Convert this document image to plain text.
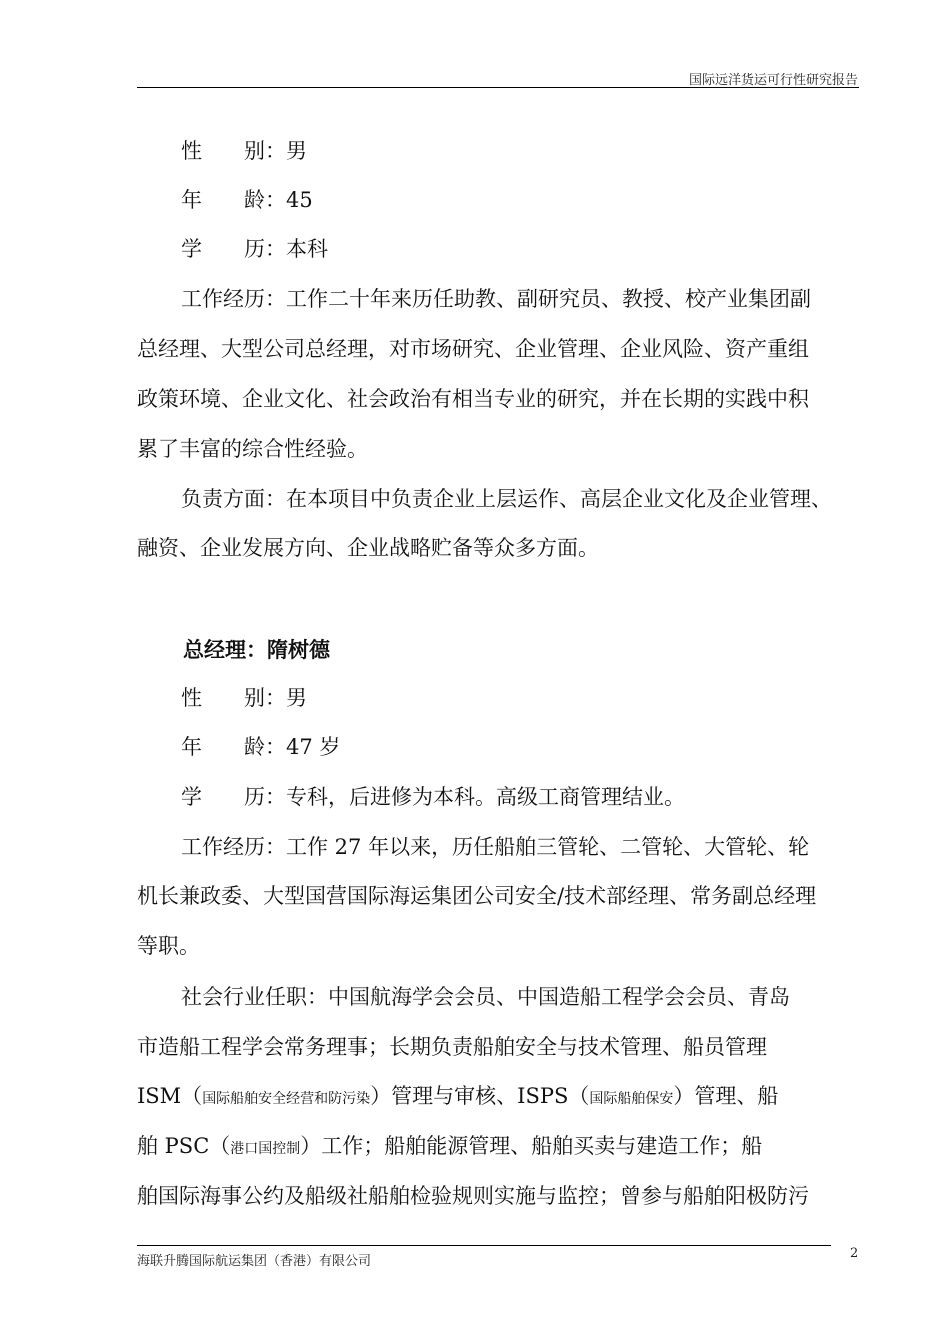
国际远洋货运可行性研究报告
性　　别：男
年　　龄：45
学　　历：本科
工作经历：工作二十年来历任助教、副研究员、教授、校产业集团副
总经理、大型公司总经理，对市场研究、企业管理、企业风险、资产重组
政策环境、企业文化、社会政治有相当专业的研究，并在长期的实践中积
累了丰富的综合性经验。
负责方面：在本项目中负责企业上层运作、高层企业文化及企业管理、
融资、企业发展方向、企业战略贮备等众多方面。
总经理：隋树德
性　　别：男
年　　龄：47 岁
学　　历：专科，后进修为本科。高级工商管理结业。
工作经历：工作 27 年以来，历任船舶三管轮、二管轮、大管轮、轮
机长兼政委、大型国营国际海运集团公司安全/技术部经理、常务副总经理
等职。
社会行业任职：中国航海学会会员、中国造船工程学会会员、青岛
市造船工程学会常务理事；长期负责船舶安全与技术管理、船员管理
ISM（国际船舶安全经营和防污染）管理与审核、ISPS（国际船舶保安）管理、船
舶 PSC（港口国控制）工作；船舶能源管理、船舶买卖与建造工作；船
舶国际海事公约及船级社船舶检验规则实施与监控；曾参与船舶阳极防污
海联升腾国际航运集团（香港）有限公司
2
